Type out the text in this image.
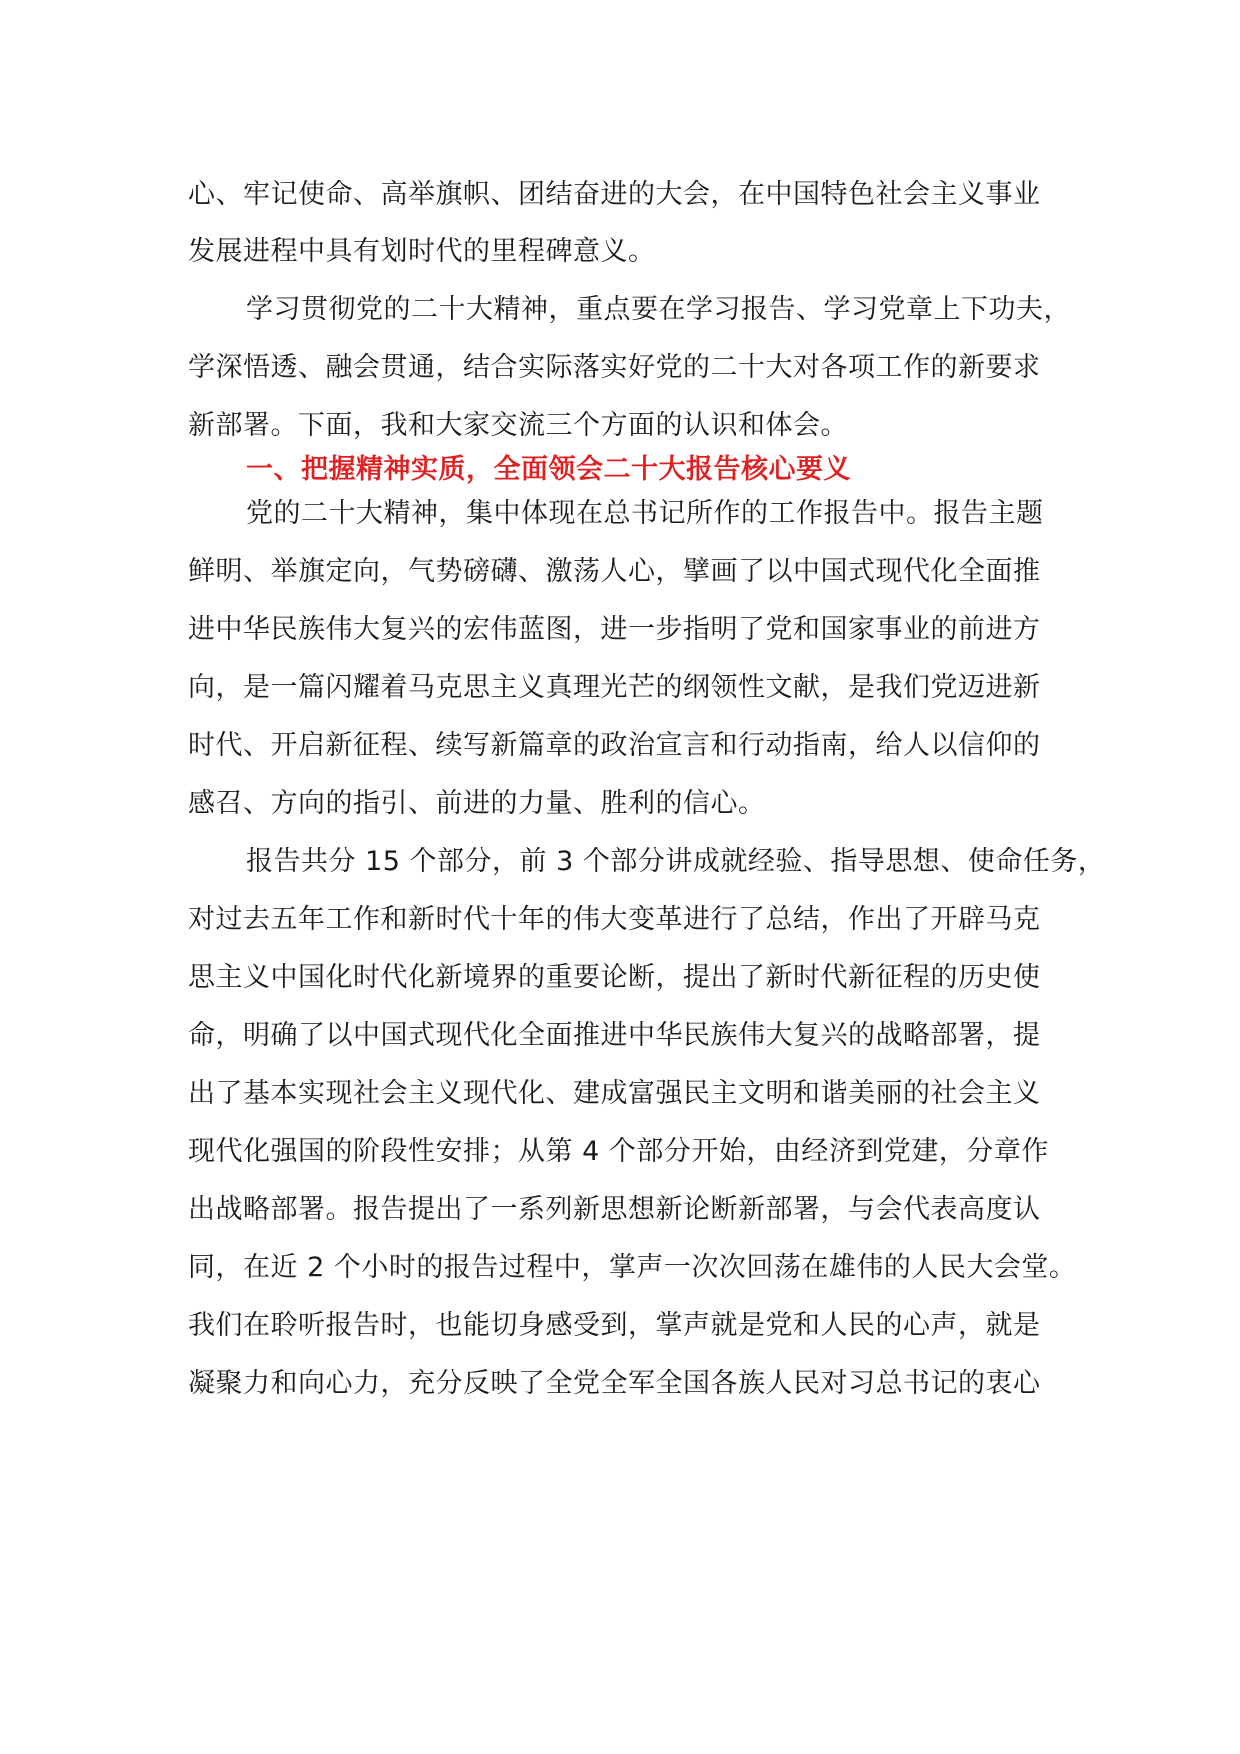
心、牢记使命、高举旗帜、团结奋进的大会，在中国特色社会主义事业
发展进程中具有划时代的里程碑意义。
学习贯彻党的二十大精神，重点要在学习报告、学习党章上下功夫，
学深悟透、融会贯通，结合实际落实好党的二十大对各项工作的新要求
新部署。下面，我和大家交流三个方面的认识和体会。
一、把握精神实质，全面领会二十大报告核心要义
党的二十大精神，集中体现在总书记所作的工作报告中。报告主题
鲜明、举旗定向，气势磅礴、激荡人心，擘画了以中国式现代化全面推
进中华民族伟大复兴的宏伟蓝图，进一步指明了党和国家事业的前进方
向，是一篇闪耀着马克思主义真理光芒的纲领性文献，是我们党迈进新
时代、开启新征程、续写新篇章的政治宣言和行动指南，给人以信仰的
感召、方向的指引、前进的力量、胜利的信心。
报告共分 15 个部分，前 3 个部分讲成就经验、指导思想、使命任务，
对过去五年工作和新时代十年的伟大变革进行了总结，作出了开辟马克
思主义中国化时代化新境界的重要论断，提出了新时代新征程的历史使
命，明确了以中国式现代化全面推进中华民族伟大复兴的战略部署，提
出了基本实现社会主义现代化、建成富强民主文明和谐美丽的社会主义
现代化强国的阶段性安排；从第 4 个部分开始，由经济到党建，分章作
出战略部署。报告提出了一系列新思想新论断新部署，与会代表高度认
同，在近 2 个小时的报告过程中，掌声一次次回荡在雄伟的人民大会堂。
我们在聆听报告时，也能切身感受到，掌声就是党和人民的心声，就是
凝聚力和向心力，充分反映了全党全军全国各族人民对习总书记的衷心
